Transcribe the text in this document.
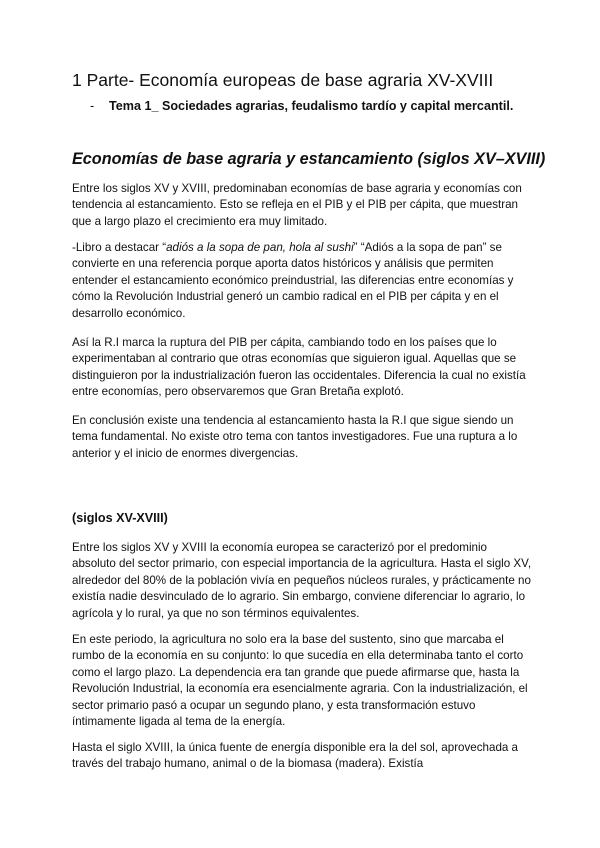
1 Parte- Economía europeas de base agraria XV-XVIII
-	Tema 1_ Sociedades agrarias, feudalismo tardío y capital mercantil.
Economías de base agraria y estancamiento (siglos XV–XVIII)

Entre los siglos XV y XVIII, predominaban economías de base agraria y economías con tendencia al estancamiento. Esto se refleja en el PIB y el PIB per cápita, que muestran que a largo plazo el crecimiento era muy limitado.

-Libro a destacar “adiós a la sopa de pan, hola al sushi” “Adiós a la sopa de pan” se convierte en una referencia porque aporta datos históricos y análisis que permiten entender el estancamiento económico preindustrial, las diferencias entre economías y cómo la Revolución Industrial generó un cambio radical en el PIB per cápita y en el desarrollo económico.

Así la R.I marca la ruptura del PIB per cápita, cambiando todo en los países que lo experimentaban al contrario que otras economías que siguieron igual. Aquellas que se distinguieron por la industrialización fueron las occidentales. Diferencia la cual no existía entre economías, pero observaremos que Gran Bretaña explotó.

En conclusión existe una tendencia al estancamiento hasta la R.I que sigue siendo un tema fundamental. No existe otro tema con tantos investigadores. Fue una ruptura a lo anterior y el inicio de enormes divergencias.

(siglos XV-XVIII)

Entre los siglos XV y XVIII la economía europea se caracterizó por el predominio absoluto del sector primario, con especial importancia de la agricultura. Hasta el siglo XV, alrededor del 80% de la población vivía en pequeños núcleos rurales, y prácticamente no existía nadie desvinculado de lo agrario. Sin embargo, conviene diferenciar lo agrario, lo agrícola y lo rural, ya que no son términos equivalentes.

En este periodo, la agricultura no solo era la base del sustento, sino que marcaba el rumbo de la economía en su conjunto: lo que sucedía en ella determinaba tanto el corto como el largo plazo. La dependencia era tan grande que puede afirmarse que, hasta la Revolución Industrial, la economía era esencialmente agraria. Con la industrialización, el sector primario pasó a ocupar un segundo plano, y esta transformación estuvo íntimamente ligada al tema de la energía.

Hasta el siglo XVIII, la única fuente de energía disponible era la del sol, aprovechada a través del trabajo humano, animal o de la biomasa (madera). Existía
